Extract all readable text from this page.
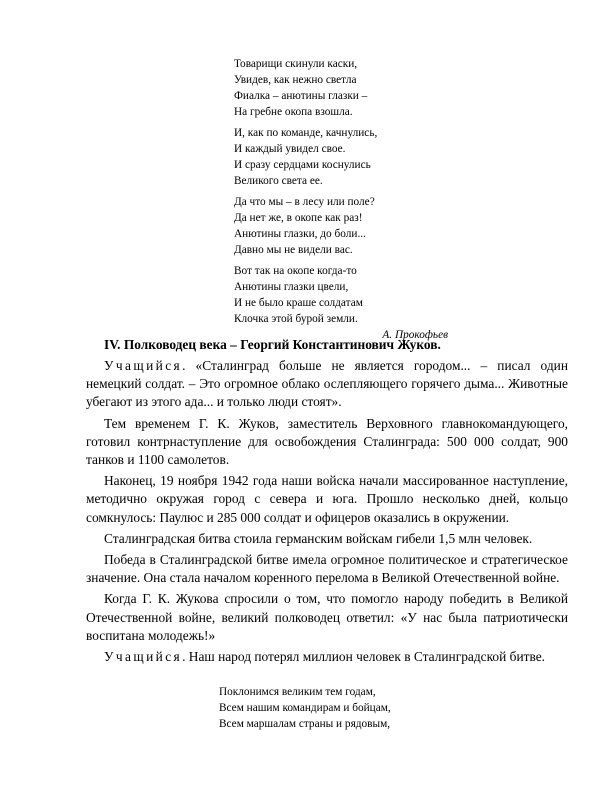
Товарищи скинули каски,
Увидев, как нежно светла
Фиалка – анютины глазки –
На гребне окопа взошла.
И, как по команде, качнулись,
И каждый увидел свое.
И сразу сердцами коснулись
Великого света ее.
Да что мы – в лесу или поле?
Да нет же, в окопе как раз!
Анютины глазки, до боли...
Давно мы не видели вас.
Вот так на окопе когда-то
Анютины глазки цвели,
И не было краше солдатам
Клочка этой бурой земли.
А. Прокофьев
IV. Полководец века – Георгий Константинович Жуков.

Учащийся. «Сталинград больше не является городом... – писал один немецкий солдат. – Это огромное облако ослепляющего горячего дыма... Животные убегают из этого ада... и только люди стоят».

Тем временем Г. К. Жуков, заместитель Верховного главнокомандующего, готовил контрнаступление для освобождения Сталинграда: 500 000 солдат, 900 танков и 1100 самолетов.

Наконец, 19 ноября 1942 года наши войска начали массированное наступление, методично окружая город с севера и юга. Прошло несколько дней, кольцо сомкнулось: Паулюс и 285 000 солдат и офицеров оказались в окружении.

Сталинградская битва стоила германским войскам гибели 1,5 млн человек.

Победа в Сталинградской битве имела огромное политическое и стратегическое значение. Она стала началом коренного перелома в Великой Отечественной войне.

Когда Г. К. Жукова спросили о том, что помогло народу победить в Великой Отечественной войне, великий полководец ответил: «У нас была патриотически воспитана молодежь!»

Учащийся. Наш народ потерял миллион человек в Сталинградской битве.

Поклонимся великим тем годам,
Всем нашим командирам и бойцам,
Всем маршалам страны и рядовым,
